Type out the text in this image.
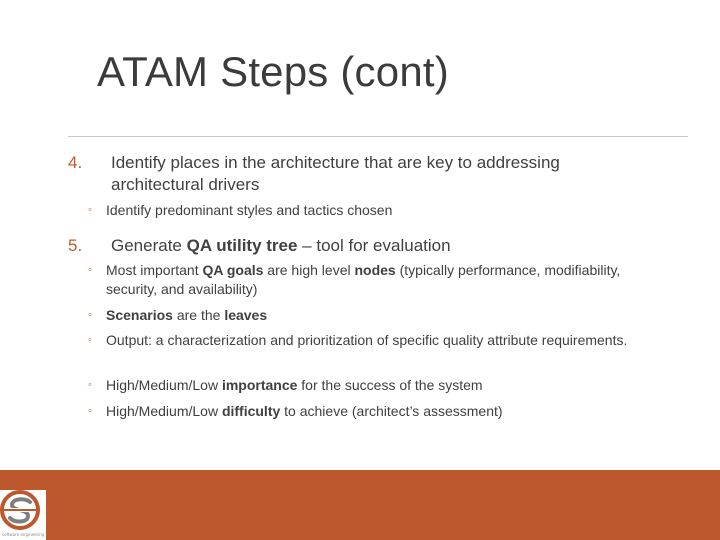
ATAM Steps (cont)
4. Identify places in the architecture that are key to addressing architectural drivers
◦ Identify predominant styles and tactics chosen
5. Generate QA utility tree – tool for evaluation
◦ Most important QA goals are high level nodes (typically performance, modifiability, security, and availability)
◦ Scenarios are the leaves
◦ Output: a characterization and prioritization of specific quality attribute requirements.
◦ High/Medium/Low importance for the success of the system
◦ High/Medium/Low difficulty to achieve (architect’s assessment)
software engineering
